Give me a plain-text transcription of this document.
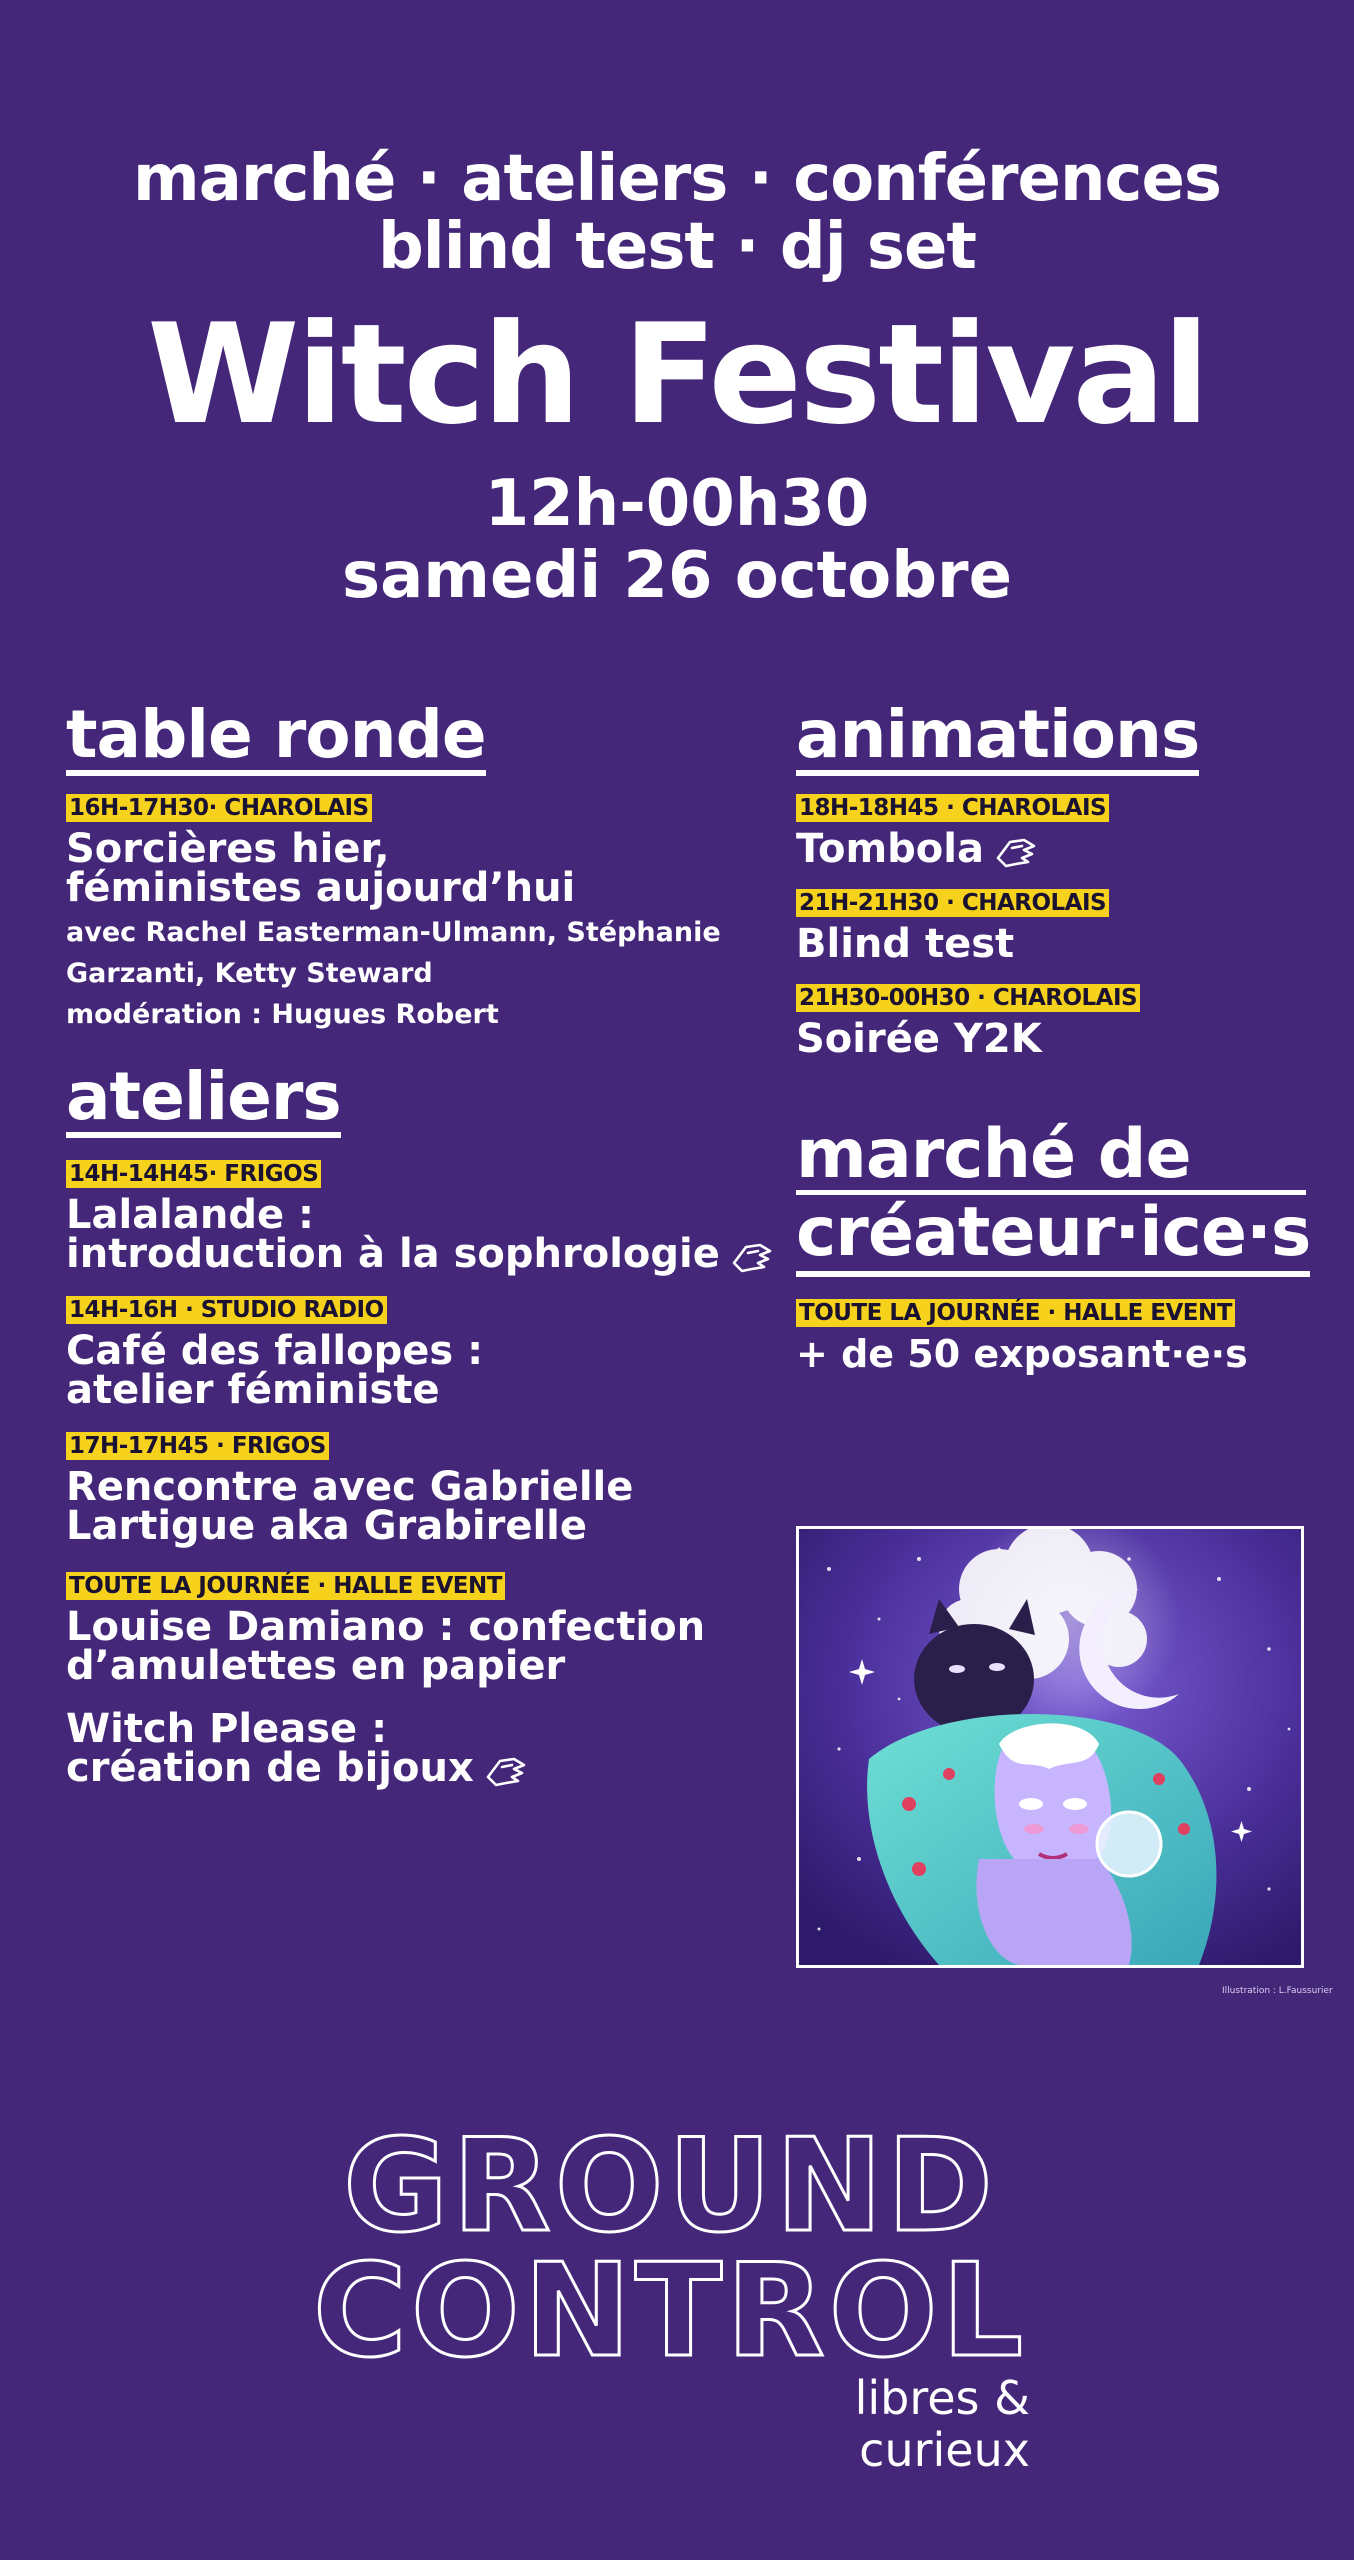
marché · ateliers · conférences
blind test · dj set
Witch Festival
12h-00h30
samedi 26 octobre
table ronde
16H-17H30· CHAROLAIS
Sorcières hier,
féministes aujourd’hui
avec Rachel Easterman-Ulmann, Stéphanie
Garzanti, Ketty Steward
modération : Hugues Robert
ateliers
14H-14H45· FRIGOS
Lalalande :
introduction à la sophrologie
14H-16H · STUDIO RADIO
Café des fallopes :
atelier féministe
17H-17H45 · FRIGOS
Rencontre avec Gabrielle
Lartigue aka Grabirelle
TOUTE LA JOURNÉE · HALLE EVENT
Louise Damiano : confection
d’amulettes en papier
Witch Please :
création de bijoux
animations
18H-18H45 · CHAROLAIS
Tombola
21H-21H30 · CHAROLAIS
Blind test
21H30-00H30 · CHAROLAIS
Soirée Y2K
marché de
créateur·ice·s
TOUTE LA JOURNÉE · HALLE EVENT
+ de 50 exposant·e·s
Illustration : L.Faussurier
GROUND
CONTROL
libres & curieux
